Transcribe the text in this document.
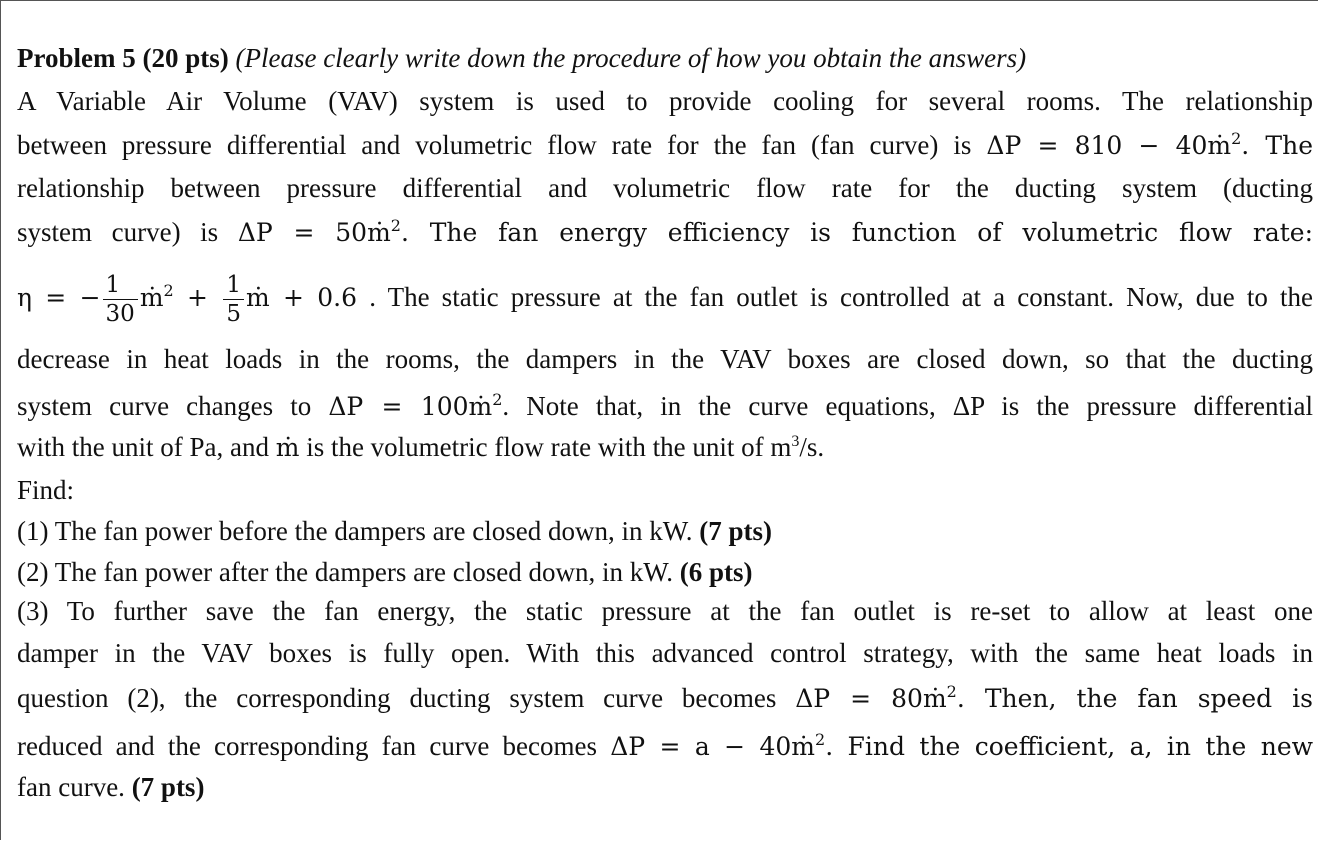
Problem 5 (20 pts) (Please clearly write down the procedure of how you obtain the answers)
A Variable Air Volume (VAV) system is used to provide cooling for several rooms. The relationship
between pressure differential and volumetric flow rate for the fan (fan curve) is ΔP = 810 − 40ṁ$^2$. The
relationship between pressure differential and volumetric flow rate for the ducting system (ducting
system curve) is ΔP = 50ṁ$^2$. The fan energy efficiency is function of volumetric flow rate:
η = − $\frac{1}{30}$ ṁ$^2$ + $\frac{1}{5}$ ṁ + 0.6 . The static pressure at the fan outlet is controlled at a constant. Now, due to the
decrease in heat loads in the rooms, the dampers in the VAV boxes are closed down, so that the ducting
system curve changes to ΔP = 100ṁ$^2$. Note that, in the curve equations, ΔP is the pressure differential
with the unit of Pa, and ṁ is the volumetric flow rate with the unit of $m^3/s$.
Find:
(1) The fan power before the dampers are closed down, in kW. (7 pts)
(2) The fan power after the dampers are closed down, in kW. (6 pts)
(3) To further save the fan energy, the static pressure at the fan outlet is re-set to allow at least one
damper in the VAV boxes is fully open. With this advanced control strategy, with the same heat loads in
question (2), the corresponding ducting system curve becomes ΔP = 80ṁ$^2$. Then, the fan speed is
reduced and the corresponding fan curve becomes ΔP = a − 40ṁ$^2$. Find the coefficient, a, in the new
fan curve. (7 pts)
